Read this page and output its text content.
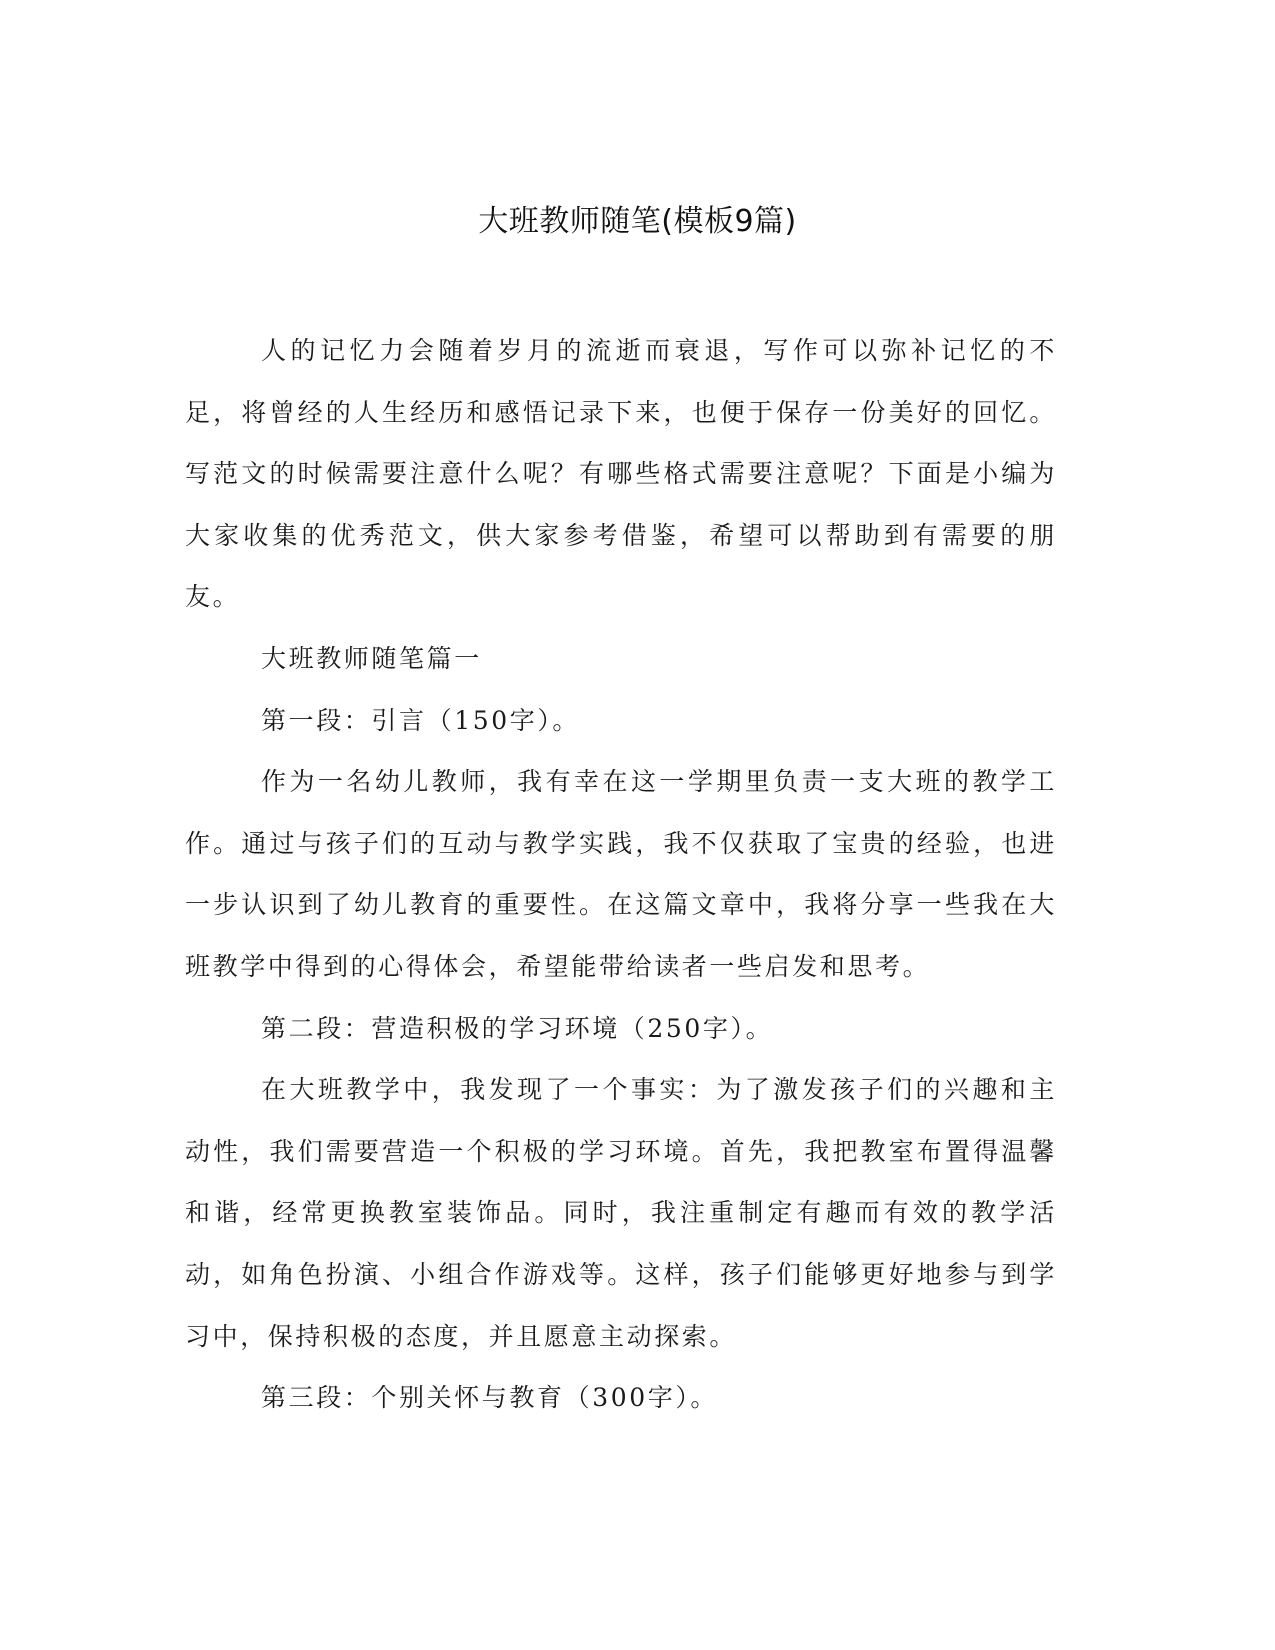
大班教师随笔(模板9篇)

人的记忆力会随着岁月的流逝而衰退，写作可以弥补记忆的不足，将曾经的人生经历和感悟记录下来，也便于保存一份美好的回忆。写范文的时候需要注意什么呢？有哪些格式需要注意呢？下面是小编为大家收集的优秀范文，供大家参考借鉴，希望可以帮助到有需要的朋友。

大班教师随笔篇一

第一段：引言（150字）。

作为一名幼儿教师，我有幸在这一学期里负责一支大班的教学工作。通过与孩子们的互动与教学实践，我不仅获取了宝贵的经验，也进一步认识到了幼儿教育的重要性。在这篇文章中，我将分享一些我在大班教学中得到的心得体会，希望能带给读者一些启发和思考。

第二段：营造积极的学习环境（250字）。

在大班教学中，我发现了一个事实：为了激发孩子们的兴趣和主动性，我们需要营造一个积极的学习环境。首先，我把教室布置得温馨和谐，经常更换教室装饰品。同时，我注重制定有趣而有效的教学活动，如角色扮演、小组合作游戏等。这样，孩子们能够更好地参与到学习中，保持积极的态度，并且愿意主动探索。

第三段：个别关怀与教育（300字）。
